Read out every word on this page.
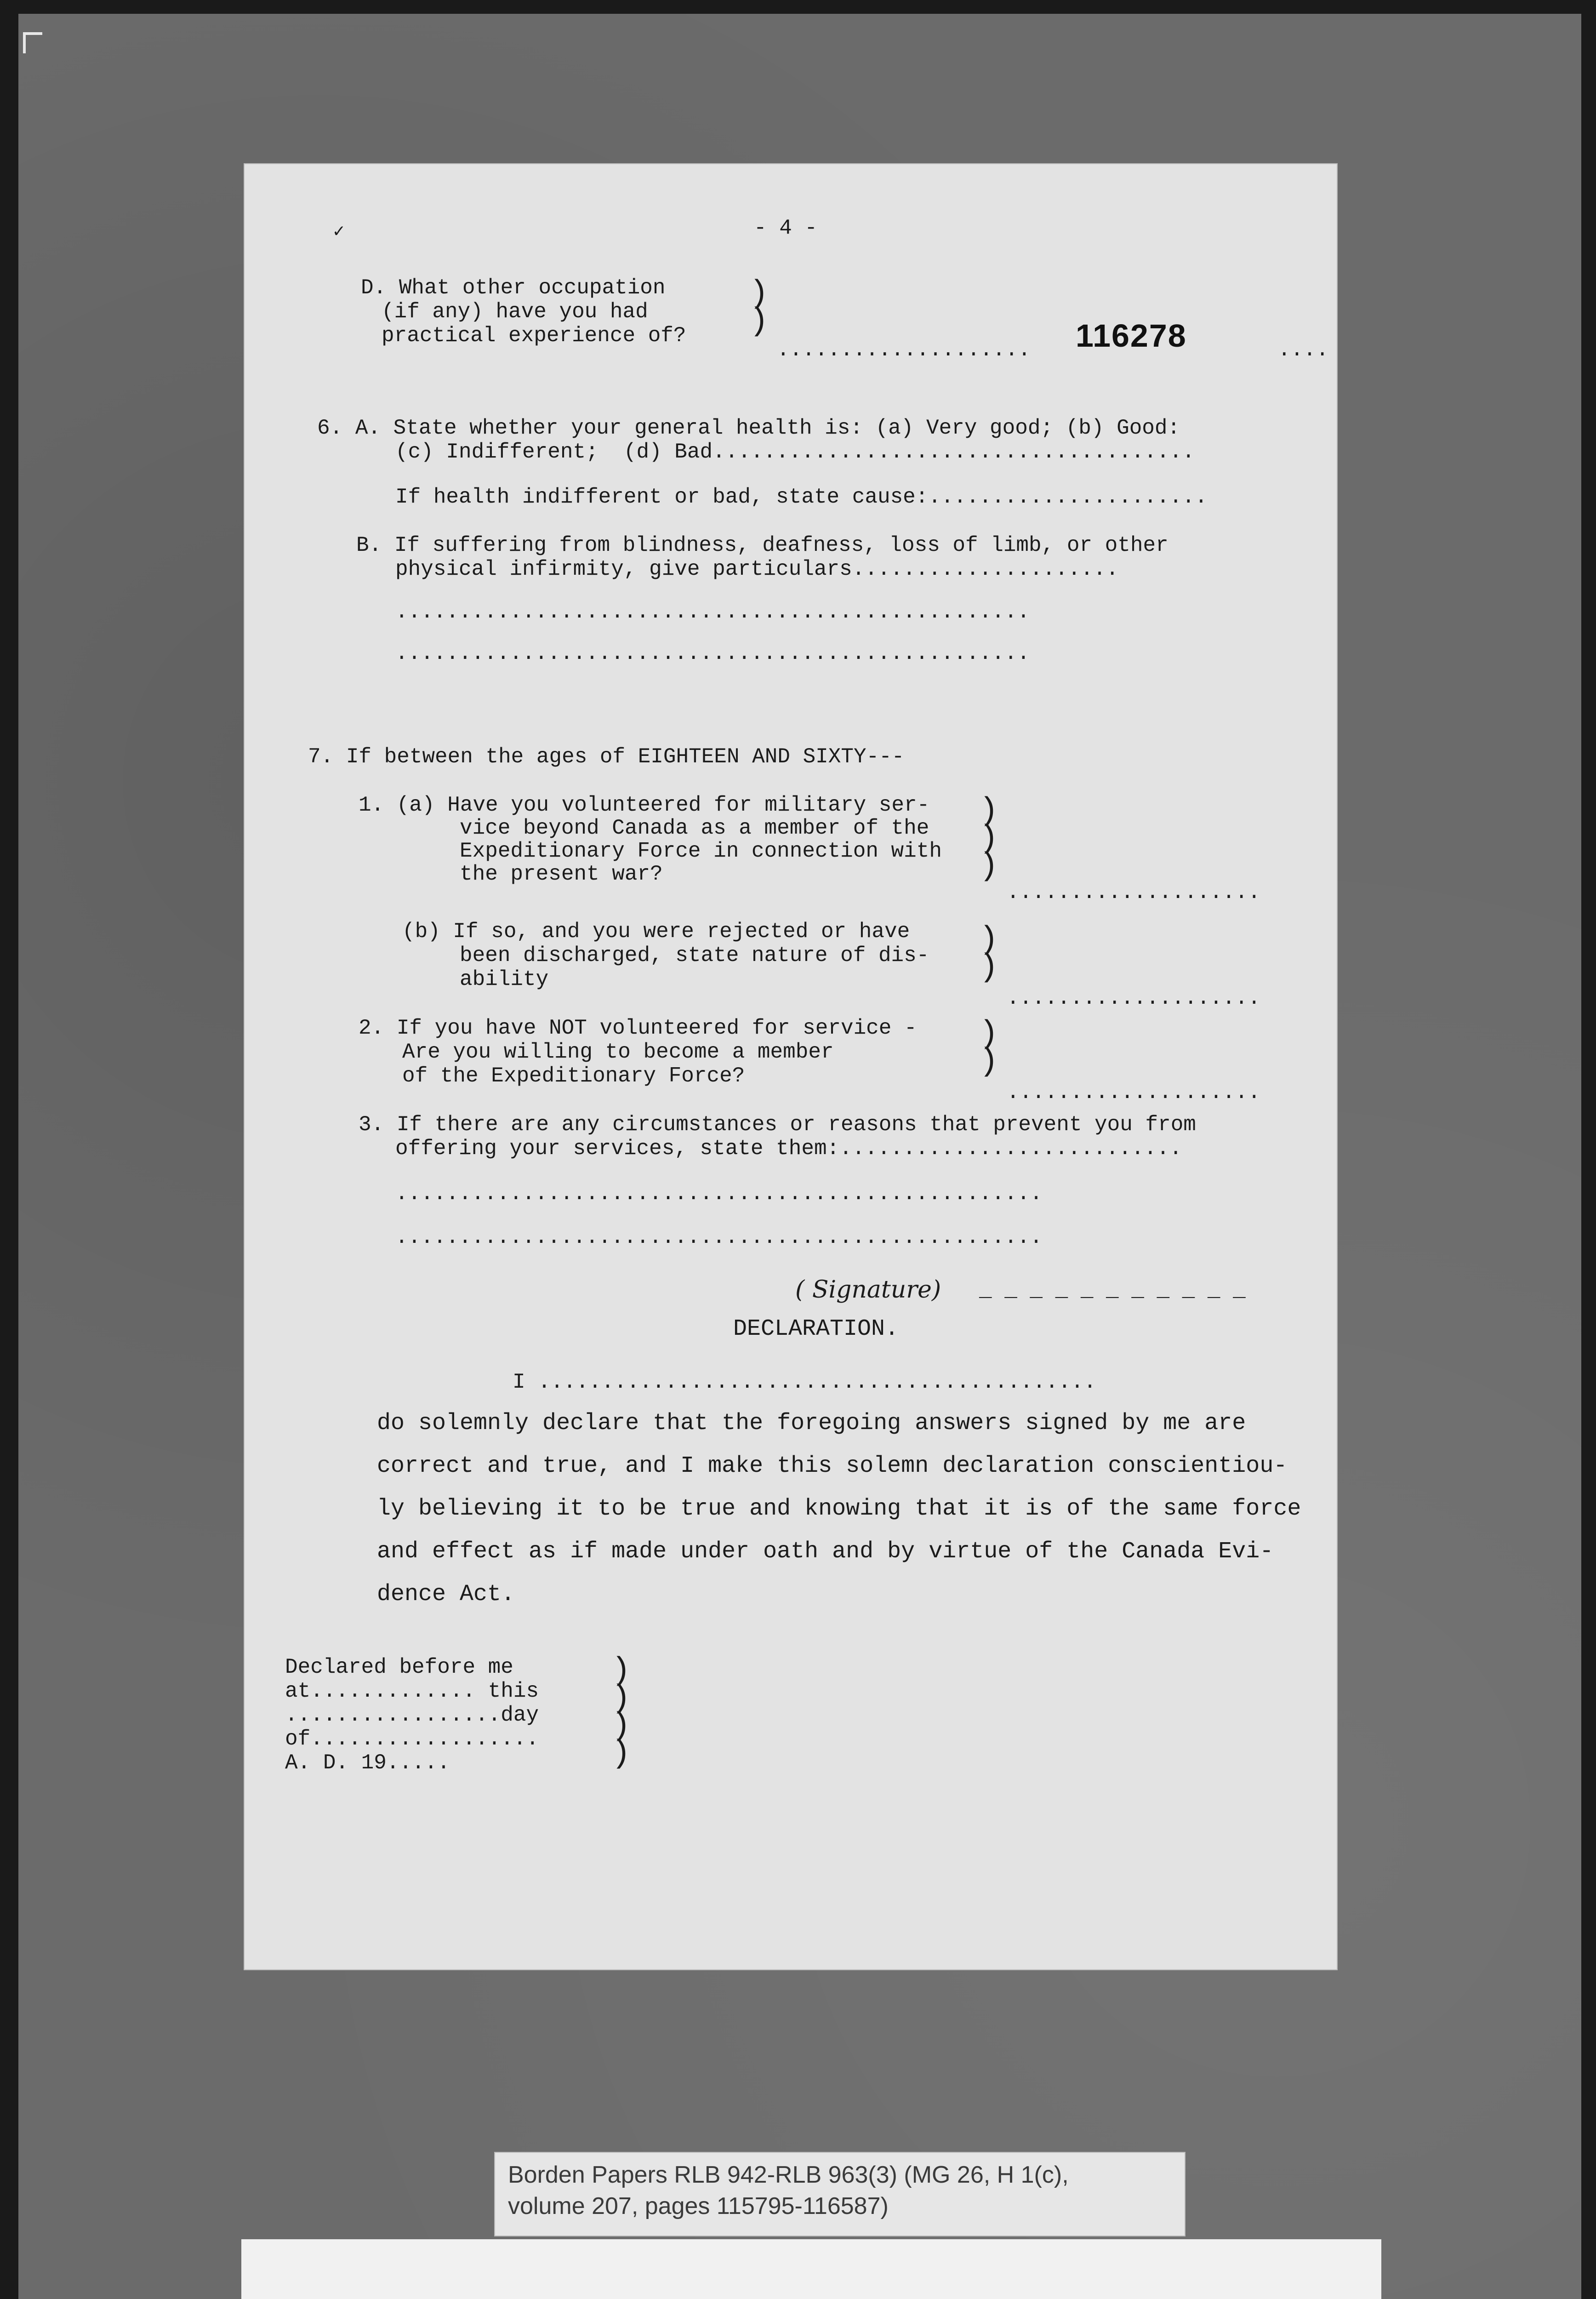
- 4 -
✓
D. What other occupation
(if any) have you had
practical experience of?
)
)
....................	....
116278
6. A. State whether your general health is: (a) Very good; (b) Good:
(c) Indifferent;  (d) Bad......................................
If health indifferent or bad, state cause:......................
B. If suffering from blindness, deafness, loss of limb, or other
physical infirmity, give particulars.....................
..................................................
..................................................
7. If between the ages of EIGHTEEN AND SIXTY---
1. (a) Have you volunteered for military ser-
vice beyond Canada as a member of the
Expeditionary Force in connection with
the present war?
)
)
)
....................
(b) If so, and you were rejected or have
been discharged, state nature of dis-
ability
)
)
....................
2. If you have NOT volunteered for service -
Are you willing to become a member
of the Expeditionary Force?
)
)
....................
3. If there are any circumstances or reasons that prevent you from
offering your services, state them:...........................
...................................................
...................................................
( Signature) _ _ _ _ _ _ _ _ _ _ _
DECLARATION.
I ............................................
do solemnly declare that the foregoing answers signed by me are
correct and true, and I make this solemn declaration conscientiou-
ly believing it to be true and knowing that it is of the same force
and effect as if made under oath and by virtue of the Canada Evi-
dence Act.
Declared before me
at............. this
.................day
of..................
A. D. 19.....
)
)
)
)
Borden Papers RLB 942-RLB 963(3) (MG 26, H 1(c),
volume 207, pages 115795-116587)
